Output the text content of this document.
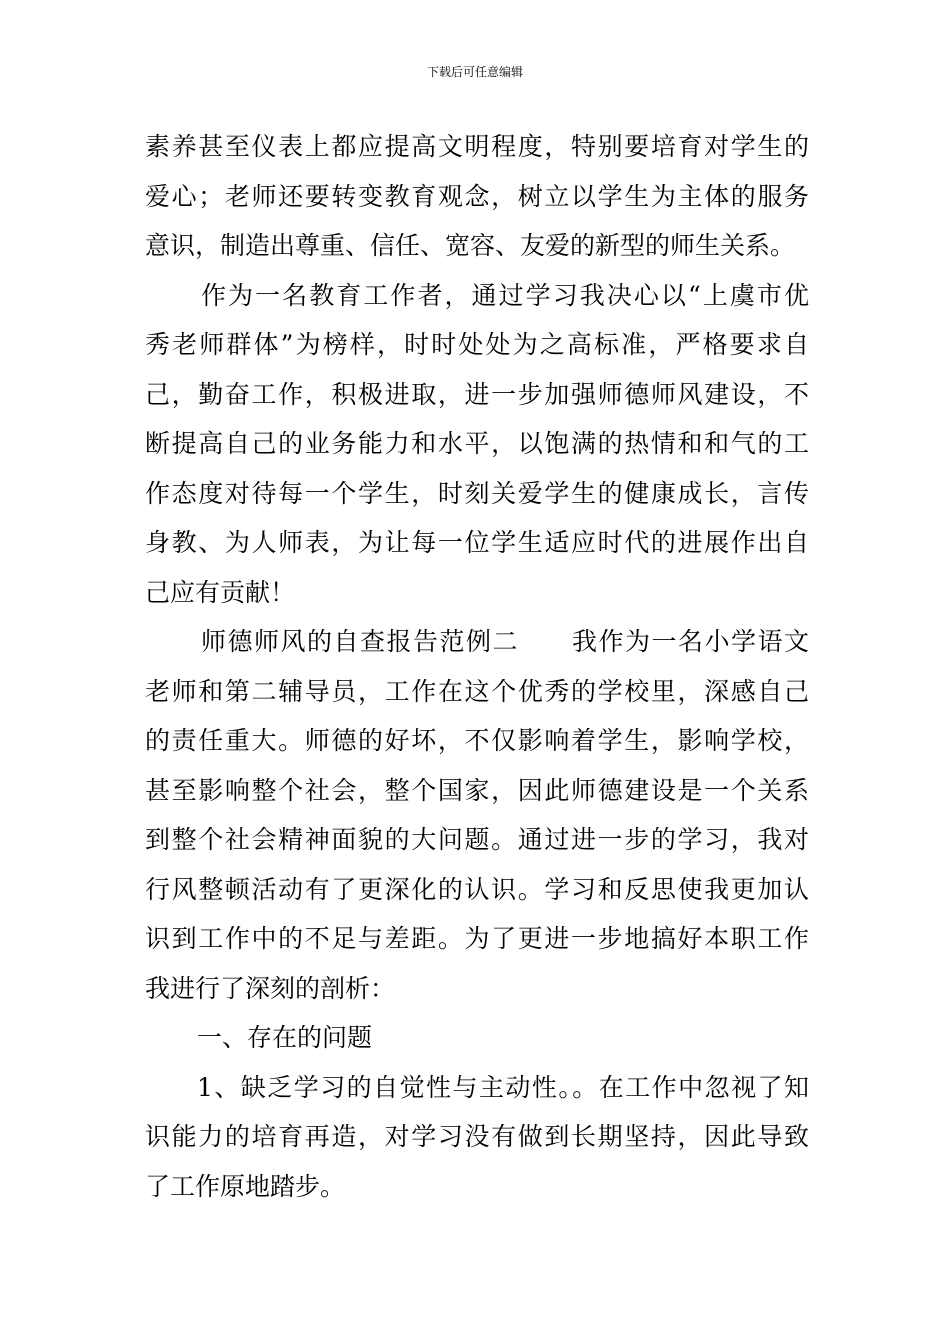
下载后可任意编辑
素养甚至仪表上都应提高文明程度，特别要培育对学生的
爱心；老师还要转变教育观念，树立以学生为主体的服务
意识，制造出尊重、信任、宽容、友爱的新型的师生关系。
作为一名教育工作者，通过学习我决心以“上虞市优
秀老师群体”为榜样，时时处处为之高标准，严格要求自
己，勤奋工作，积极进取，进一步加强师德师风建设，不
断提高自己的业务能力和水平，以饱满的热情和和气的工
作态度对待每一个学生，时刻关爱学生的健康成长，言传
身教、为人师表，为让每一位学生适应时代的进展作出自
己应有贡献！
师德师风的自查报告范例二　　我作为一名小学语文
老师和第二辅导员，工作在这个优秀的学校里，深感自己
的责任重大。师德的好坏，不仅影响着学生，影响学校，
甚至影响整个社会，整个国家，因此师德建设是一个关系
到整个社会精神面貌的大问题。通过进一步的学习，我对
行风整顿活动有了更深化的认识。学习和反思使我更加认
识到工作中的不足与差距。为了更进一步地搞好本职工作
我进行了深刻的剖析：
一、存在的问题
1、缺乏学习的自觉性与主动性。。在工作中忽视了知
识能力的培育再造，对学习没有做到长期坚持，因此导致
了工作原地踏步。
